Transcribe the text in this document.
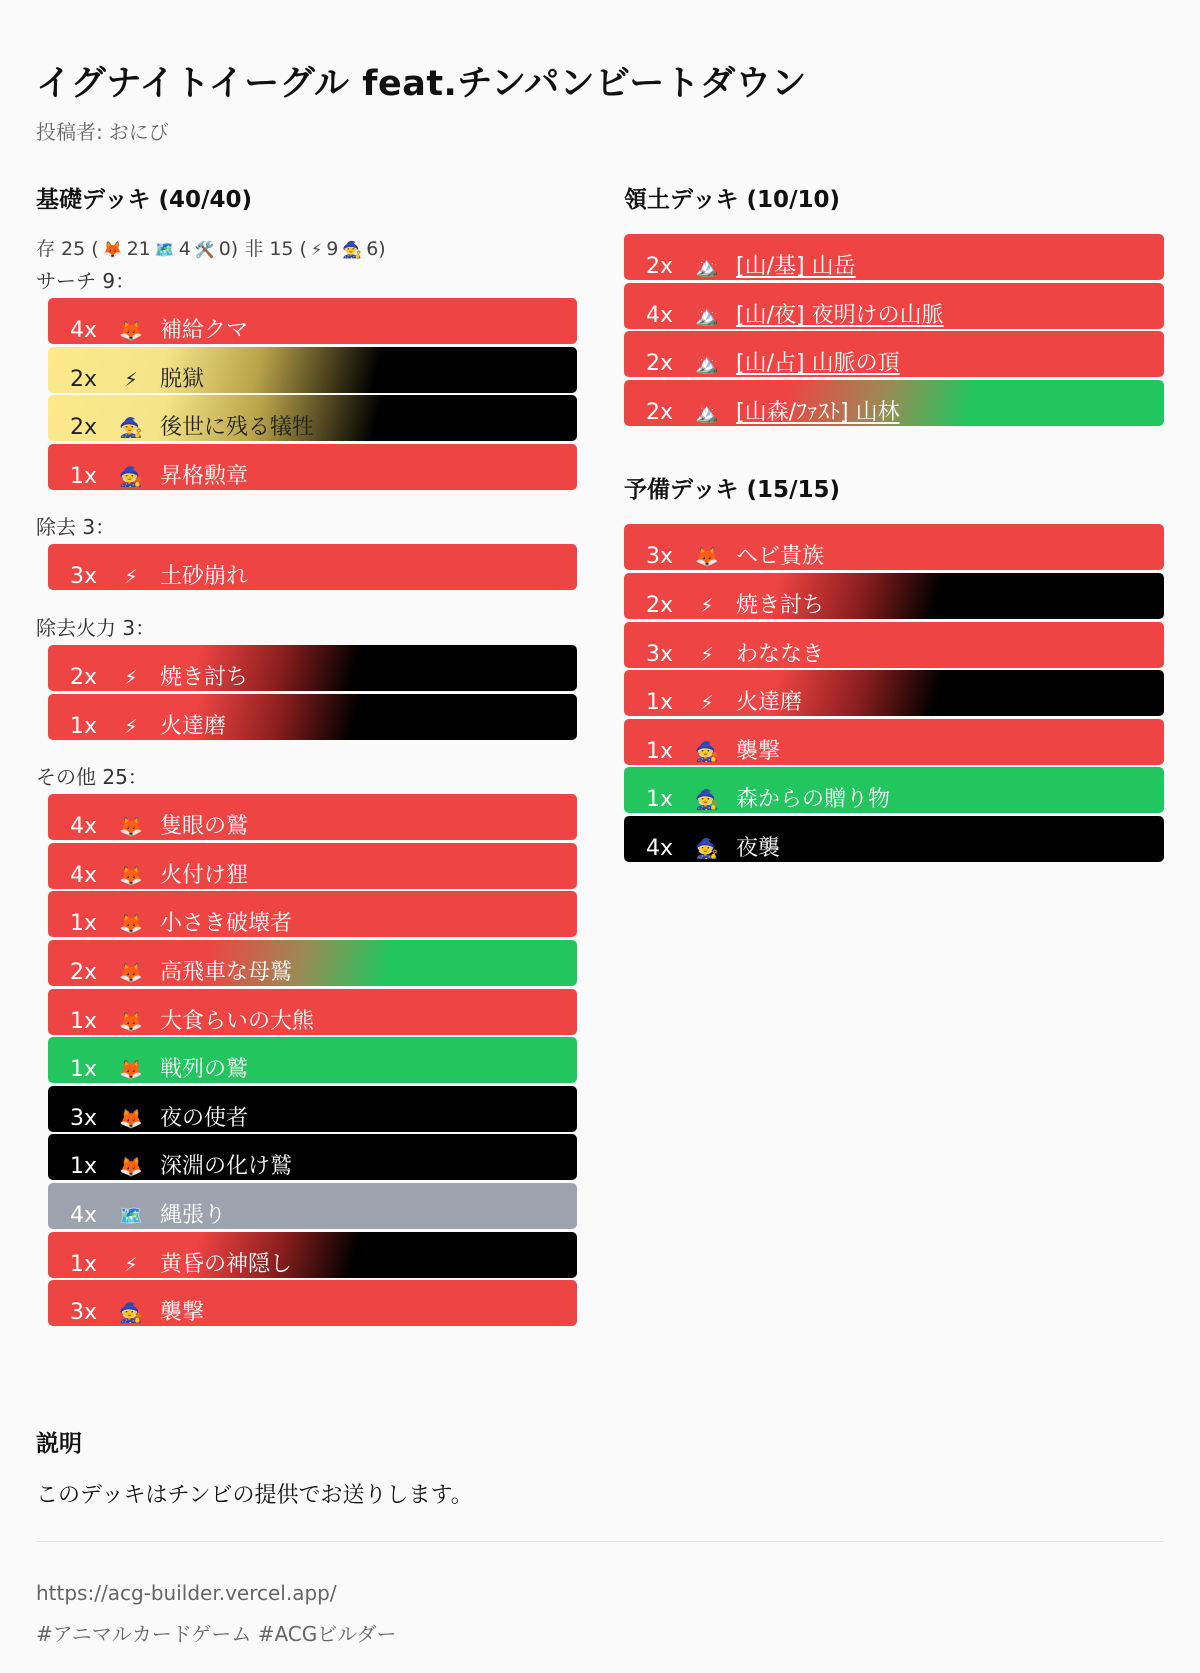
イグナイトイーグル feat.チンパンビートダウン
投稿者: おにび
基礎デッキ (40/40)
存 25 ( 🦊 21 🗺️ 4 🛠️ 0) 非 15 ( ⚡ 9 🧙 6)
サーチ 9：
4x	🦊 補給クマ
2x	⚡	脱獄
2x	🧙 後世に残る犠牲
1x	🧙 昇格勲章
除去 3：
3x	⚡	土砂崩れ
除去火力 3：
2x	⚡	焼き討ち
1x	⚡	火達磨
その他 25：
4x	🦊 隻眼の鷲
4x	🦊 火付け狸
1x	🦊 小さき破壊者
2x	🦊 高飛車な母鷲
1x	🦊 大食らいの大熊
1x	🦊 戦列の鷲
3x	🦊 夜の使者
1x	🦊 深淵の化け鷲
4x	🗺️ 縄張り
1x	⚡	黄昏の神隠し
3x	🧙 襲撃
領土デッキ (10/10)
2x	🏔️ [山/基] 山岳
4x	🏔️ [山/夜] 夜明けの山脈
2x	🏔️ [山/占] 山脈の頂
2x	🏔️ [山森/ﾌｧｽﾄ] 山林
予備デッキ (15/15)
3x	🦊 ヘビ貴族
2x	⚡	焼き討ち
3x	⚡	わななき
1x	⚡	火達磨
1x	🧙 襲撃
1x	🧙 森からの贈り物
4x	🧙 夜襲
説明
このデッキはチンビの提供でお送りします。
https://acg-builder.vercel.app/
#アニマルカードゲーム #ACGビルダー
